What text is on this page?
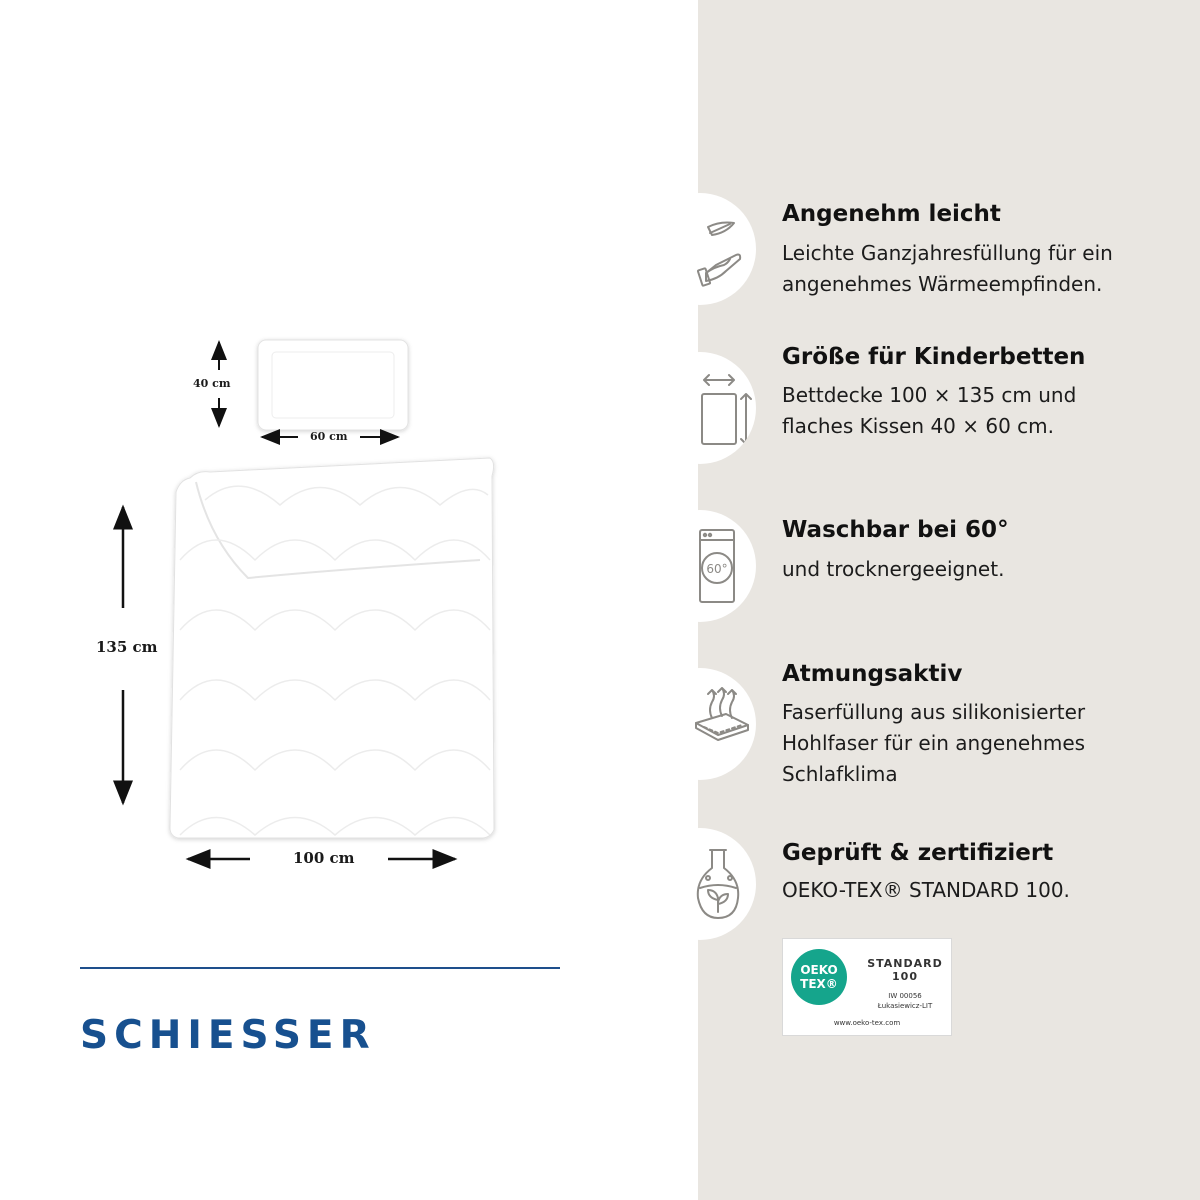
40 cm
60 cm
135 cm
100 cm
SCHIESSER
Angenehm leicht
Leichte Ganzjahresfüllung für ein
angenehmes Wärmeempfinden.
Größe für Kinderbetten
Bettdecke 100 × 135 cm und
flaches Kissen 40 × 60 cm.
60°
Waschbar bei 60°
und trocknergeeignet.
Atmungsaktiv
Faserfüllung aus silikonisierter
Hohlfaser für ein angenehmes
Schlafklima
Geprüft & zertifiziert
OEKO-TEX® STANDARD 100.
OEKO
TEX®
STANDARD
100
IW 00056
Łukasiewicz-LIT
www.oeko-tex.com
